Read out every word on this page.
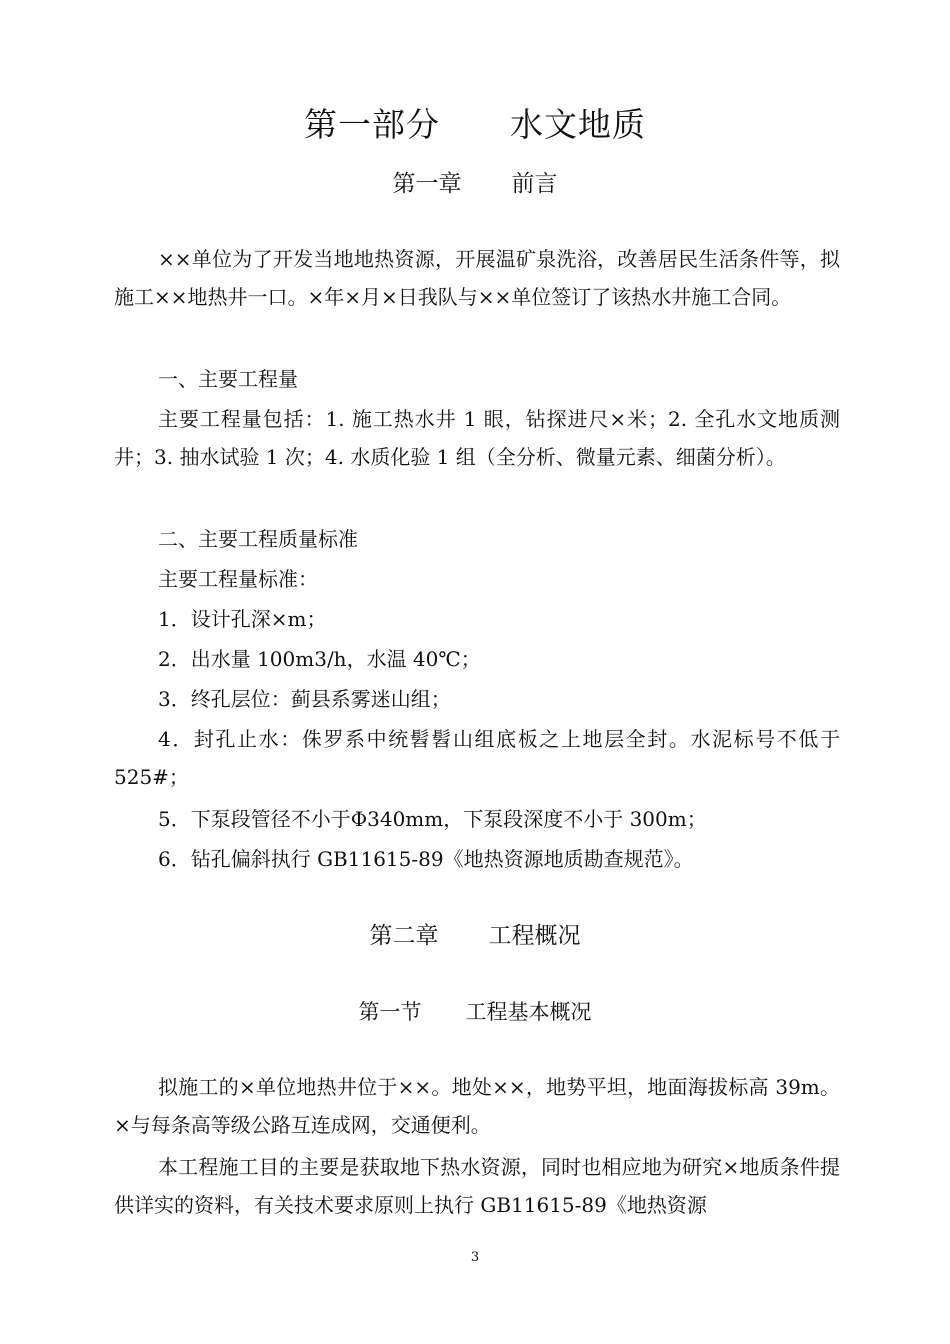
第一部分 水文地质
第一章 前言

××单位为了开发当地地热资源，开展温矿泉洗浴，改善居民生活条件等，拟施工××地热井一口。×年×月×日我队与××单位签订了该热水井施工合同。

一、主要工程量

主要工程量包括：1. 施工热水井 1 眼，钻探进尺×米；2. 全孔水文地质测井；3. 抽水试验 1 次；4. 水质化验 1 组（全分析、微量元素、细菌分析）。

二、主要工程质量标准
主要工程量标准：
1．设计孔深×m；
2．出水量 100m3/h，水温 40℃；
3．终孔层位：蓟县系雾迷山组；

4．封孔止水：侏罗系中统髫髫山组底板之上地层全封。水泥标号不低于 525#；

5．下泵段管径不小于Φ340mm，下泵段深度不小于 300m；
6．钻孔偏斜执行 GB11615-89《地热资源地质勘查规范》。
第二章 工程概况
第一节 工程基本概况

拟施工的×单位地热井位于××。地处××，地势平坦，地面海拔标高 39m。×与每条高等级公路互连成网，交通便利。

本工程施工目的主要是获取地下热水资源，同时也相应地为研究×地质条件提供详实的资料，有关技术要求原则上执行 GB11615-89《地热资源

3
